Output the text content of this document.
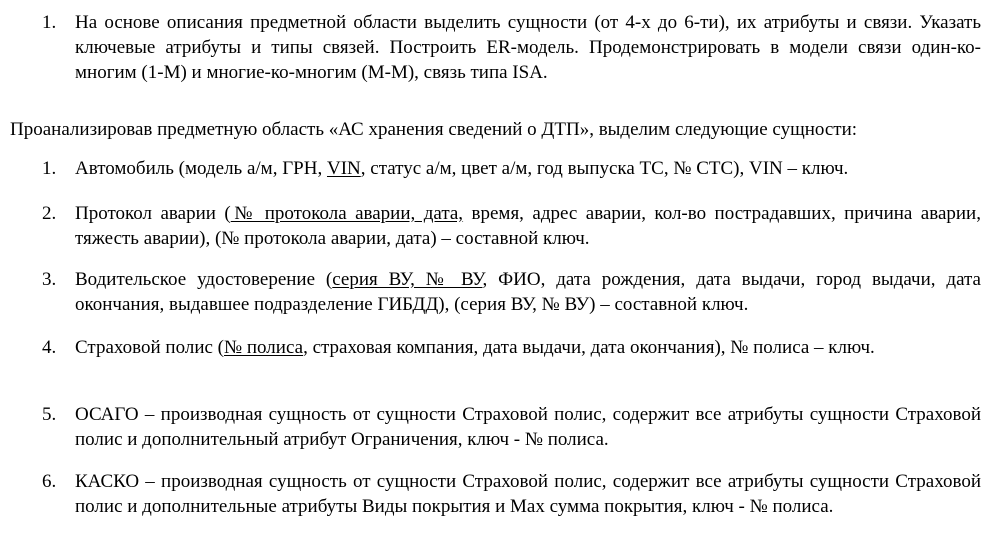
1. На основе описания предметной области выделить сущности (от 4-х до 6-ти), их атрибуты и связи. Указать ключевые атрибуты и типы связей. Построить ER-модель. Продемонстрировать в модели связи один-ко-многим (1-М) и многие-ко-многим (М-М), связь типа ISA.
Проанализировав предметную область «АС хранения сведений о ДТП», выделим следующие сущности:
1. Автомобиль (модель а/м, ГРН, VIN, статус а/м, цвет а/м, год выпуска ТС, № СТС), VIN – ключ.
2. Протокол аварии (№ протокола аварии, дата, время, адрес аварии, кол-во пострадавших, причина аварии, тяжесть аварии), (№ протокола аварии, дата) – составной ключ.
3. Водительское удостоверение (серия ВУ, № ВУ, ФИО, дата рождения, дата выдачи, город выдачи, дата окончания, выдавшее подразделение ГИБДД), (серия ВУ, № ВУ) – составной ключ.
4. Страховой полис (№ полиса, страховая компания, дата выдачи, дата окончания), № полиса – ключ.
5. ОСАГО – производная сущность от сущности Страховой полис, содержит все атрибуты сущности Страховой полис и дополнительный атрибут Ограничения, ключ - № полиса.
6. КАСКО – производная сущность от сущности Страховой полис, содержит все атрибуты сущности Страховой полис и дополнительные атрибуты Виды покрытия и Max сумма покрытия, ключ - № полиса.
